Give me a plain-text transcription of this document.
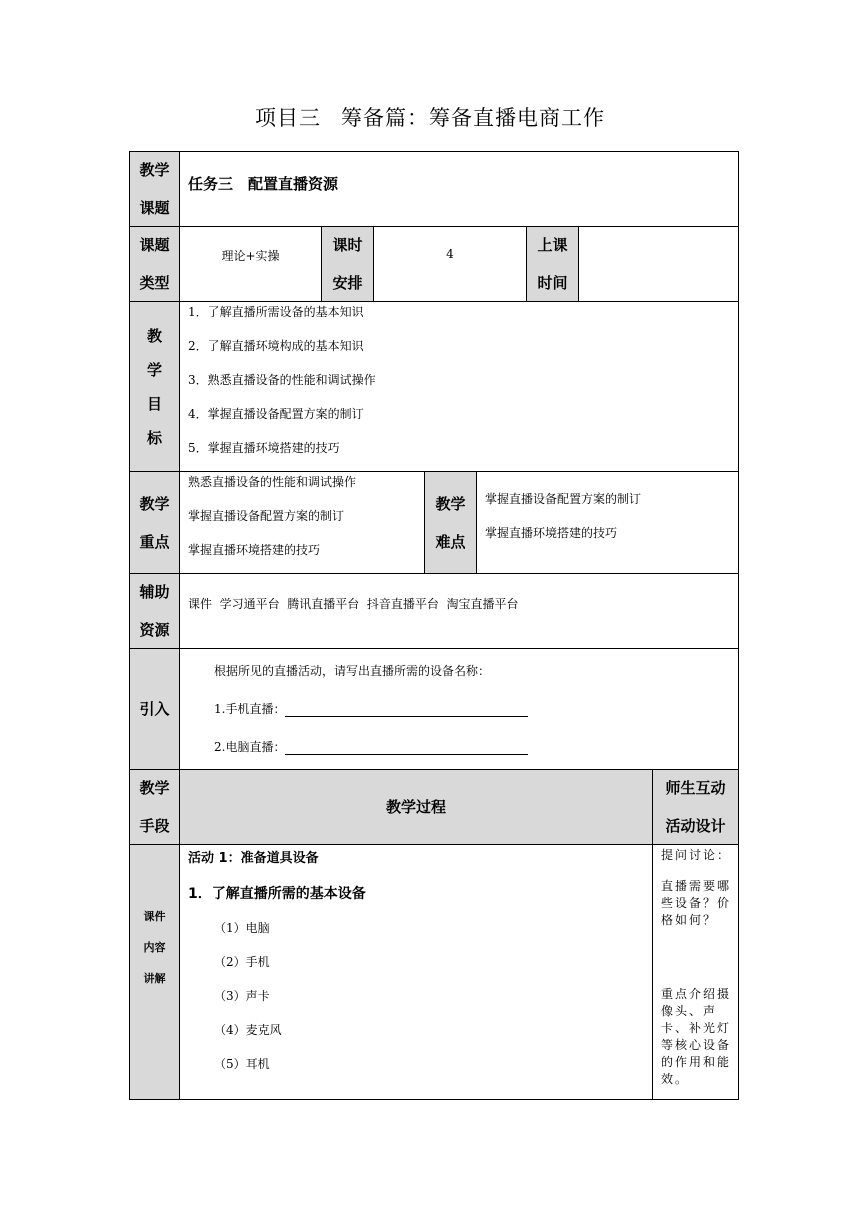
项目三 筹备篇：筹备直播电商工作
教学
课题
任务三　配置直播资源
课题
类型
理论+实操
课时
安排
4	上课
时间
教
学
目
标
1．了解直播所需设备的基本知识
2．了解直播环境构成的基本知识
3．熟悉直播设备的性能和调试操作
4．掌握直播设备配置方案的制订
5．掌握直播环境搭建的技巧
教学
重点
熟悉直播设备的性能和调试操作
掌握直播设备配置方案的制订
掌握直播环境搭建的技巧
教学
难点
掌握直播设备配置方案的制订
掌握直播环境搭建的技巧
辅助
资源
课件  学习通平台  腾讯直播平台  抖音直播平台  淘宝直播平台
引入
根据所见的直播活动，请写出直播所需的设备名称：
1.手机直播：
2.电脑直播：
教学
手段
教学过程
师生互动
活动设计
课件
内容
讲解
活动 1：准备道具设备
1．了解直播所需的基本设备
（1）电脑
（2）手机
（3）声卡
（4）麦克风
（5）耳机
提问讨论：
直播需要哪些设备？价格如何？
重点介绍摄像头、声卡、补光灯等核心设备的作用和能效。
